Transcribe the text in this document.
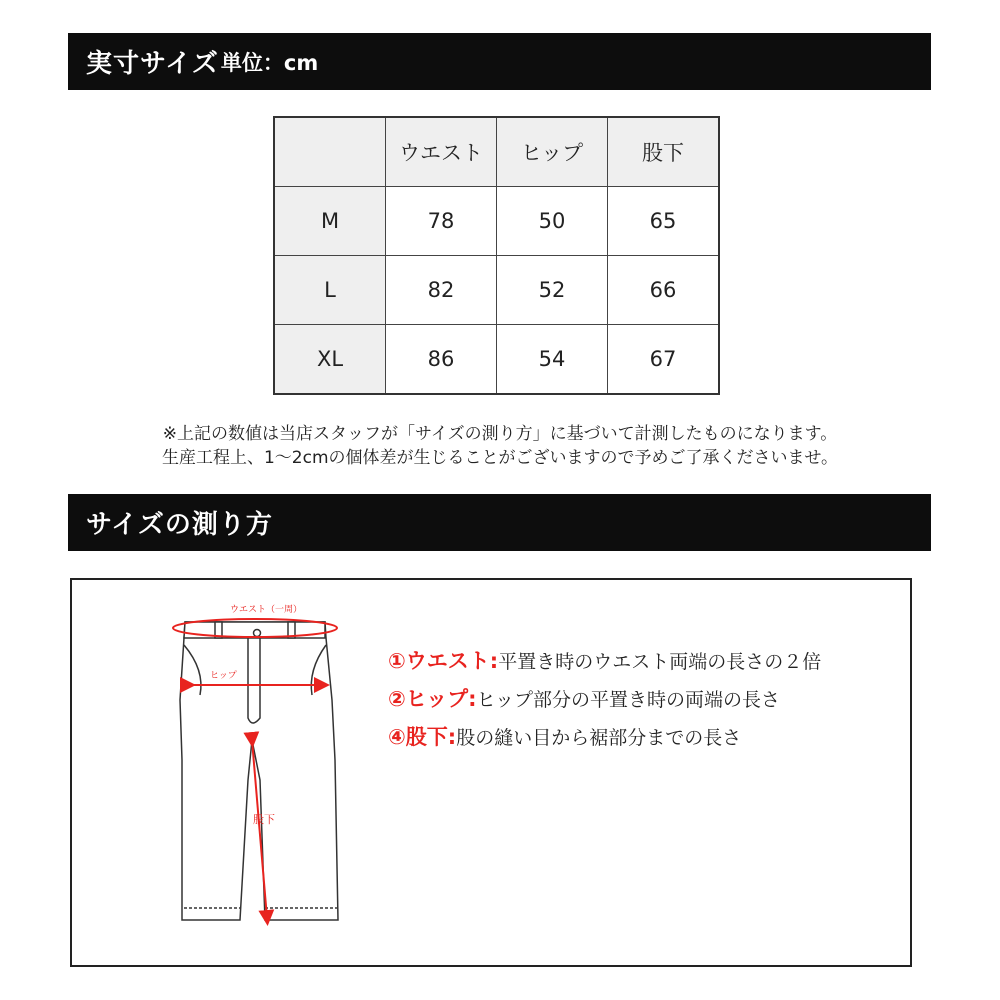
実寸サイズ 単位：cm
	ウエスト	ヒップ	股下
M	78	50	65
L	82	52	66
XL	86	54	67
※上記の数値は当店スタッフが「サイズの測り方」に基づいて計測したものになります。
生産工程上、1〜2cmの個体差が生じることがございますので予めご了承くださいませ。
サイズの測り方
ウエスト（一周）
ヒップ
股下
①ウエスト:平置き時のウエスト両端の長さの２倍
②ヒップ:ヒップ部分の平置き時の両端の長さ
④股下:股の縫い目から裾部分までの長さ
